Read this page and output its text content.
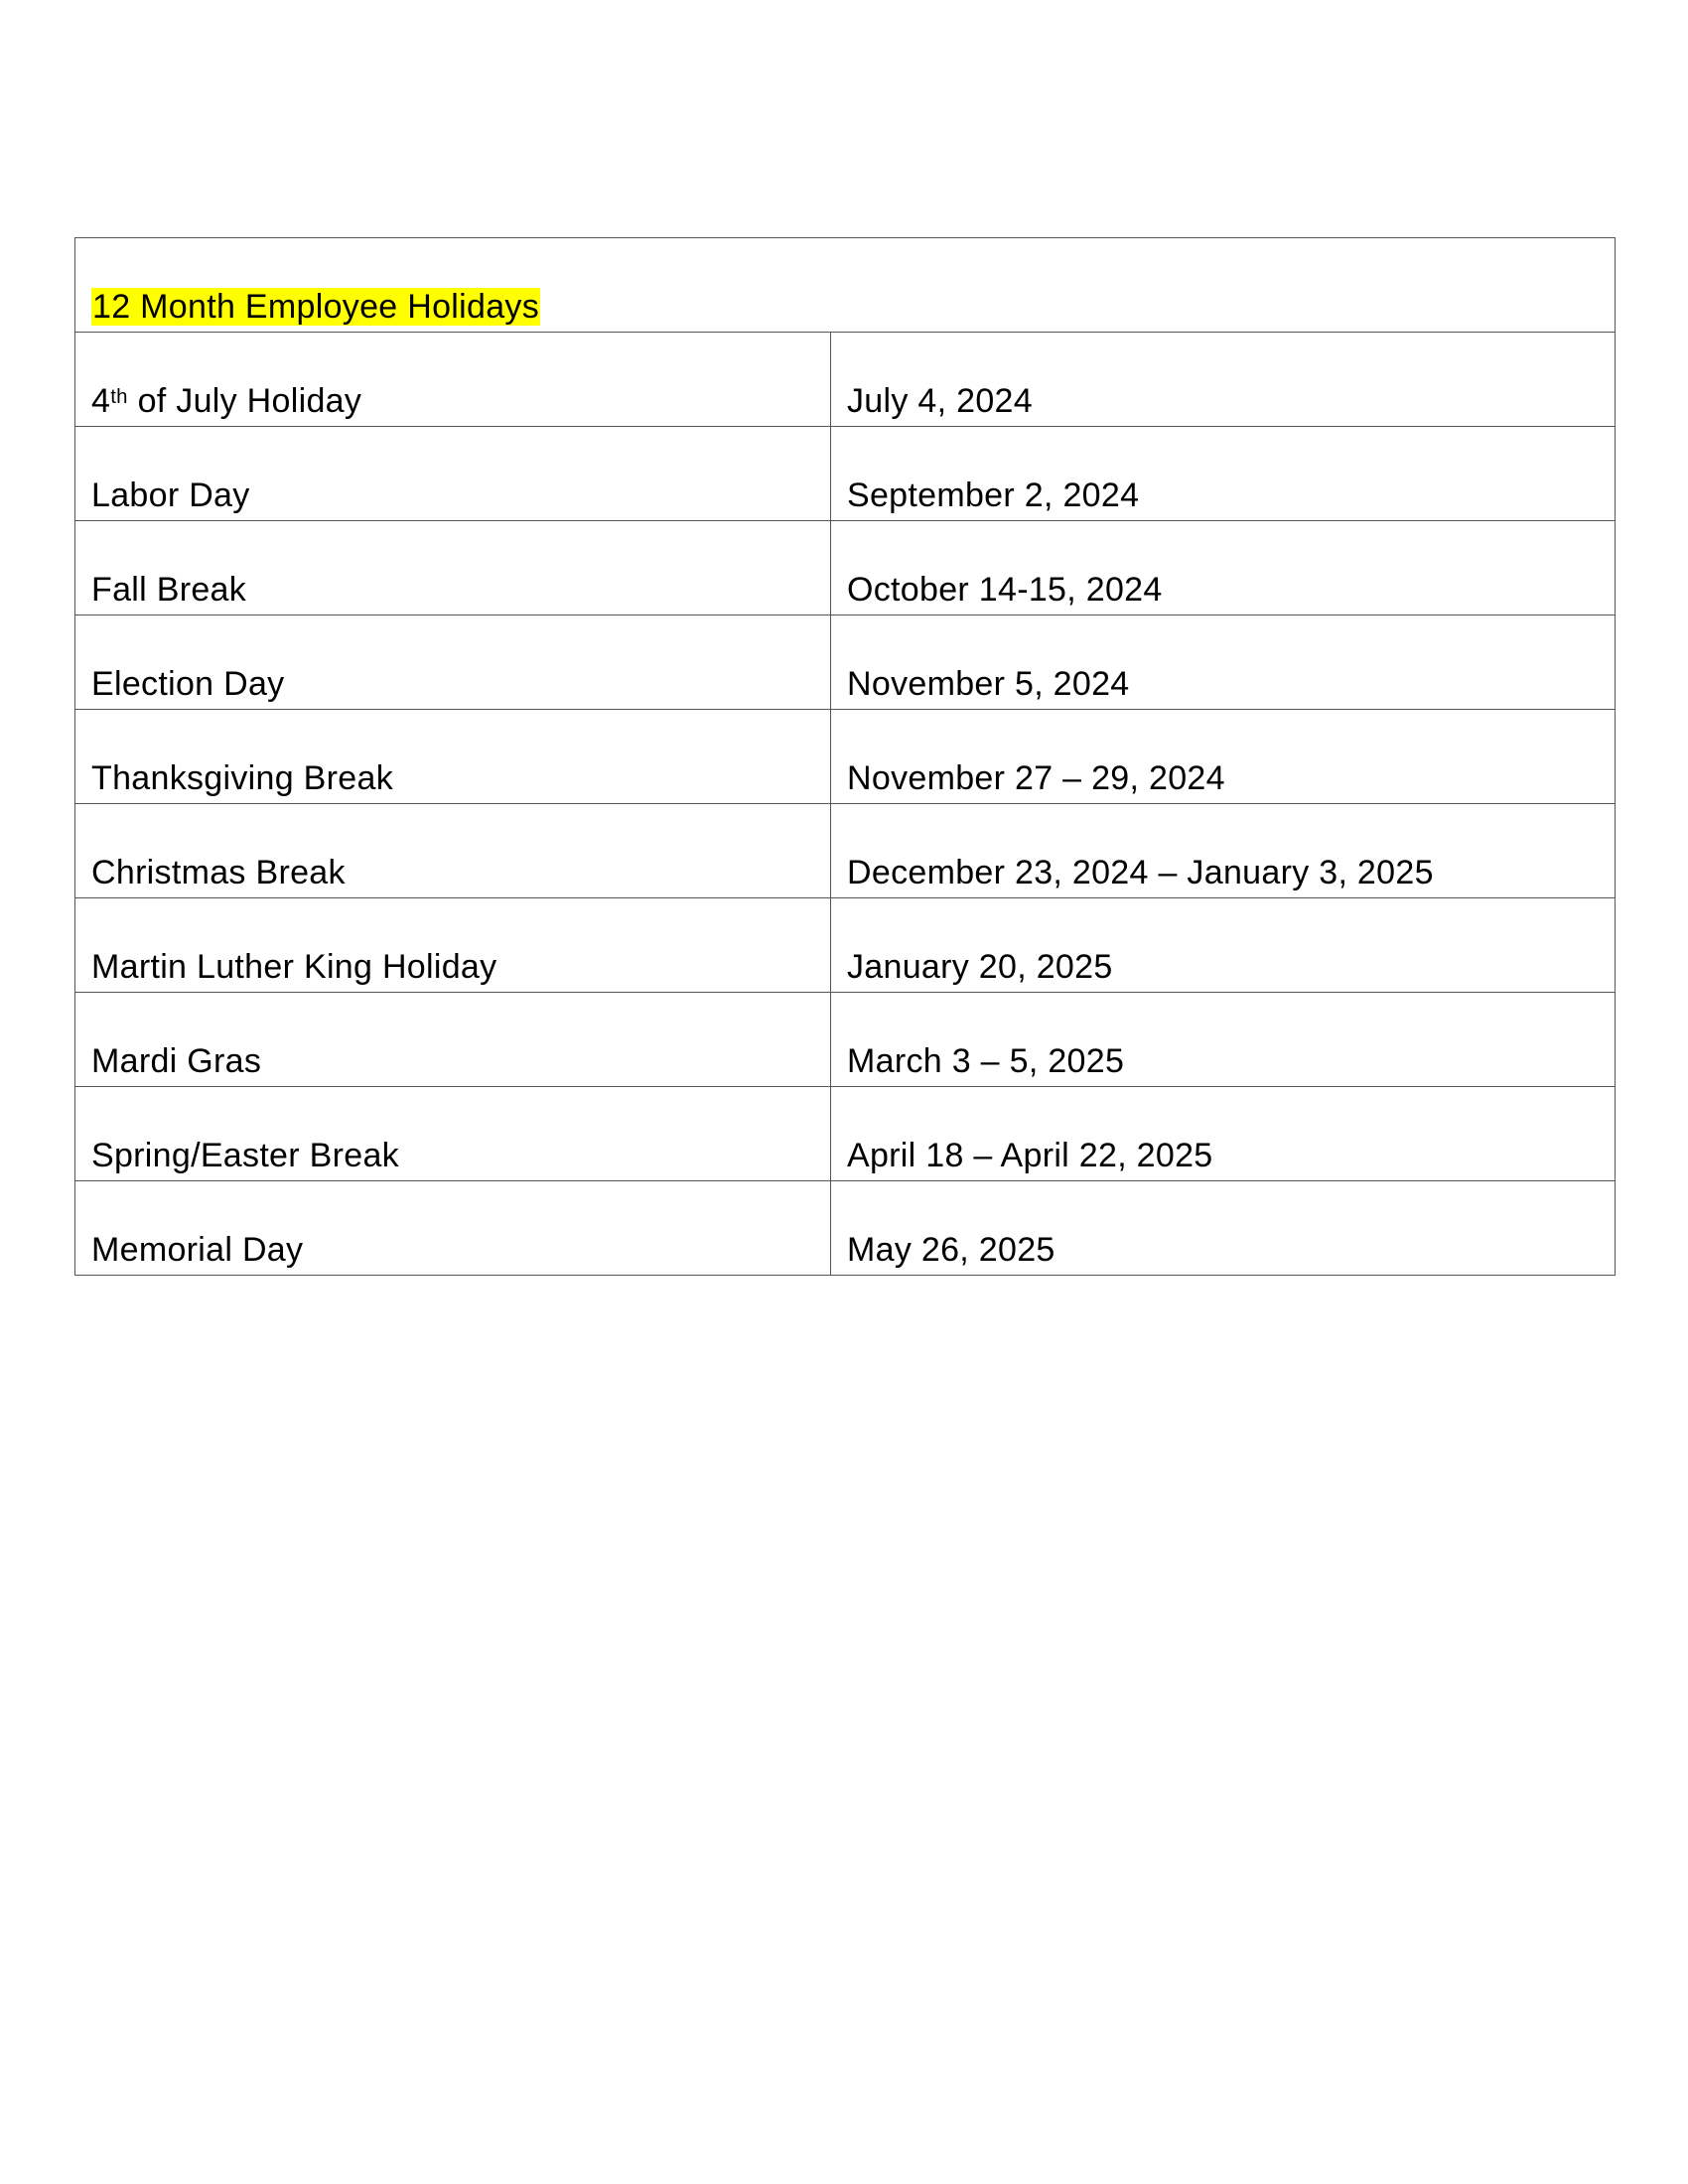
12 Month Employee Holidays	
4th of July Holiday	July 4, 2024
Labor Day	September 2, 2024
Fall Break	October 14-15, 2024
Election Day	November 5, 2024
Thanksgiving Break	November 27 – 29, 2024
Christmas Break	December 23, 2024 – January 3, 2025
Martin Luther King Holiday	January 20, 2025
Mardi Gras	March 3 – 5, 2025
Spring/Easter Break	April 18 – April 22, 2025
Memorial Day	May 26, 2025
